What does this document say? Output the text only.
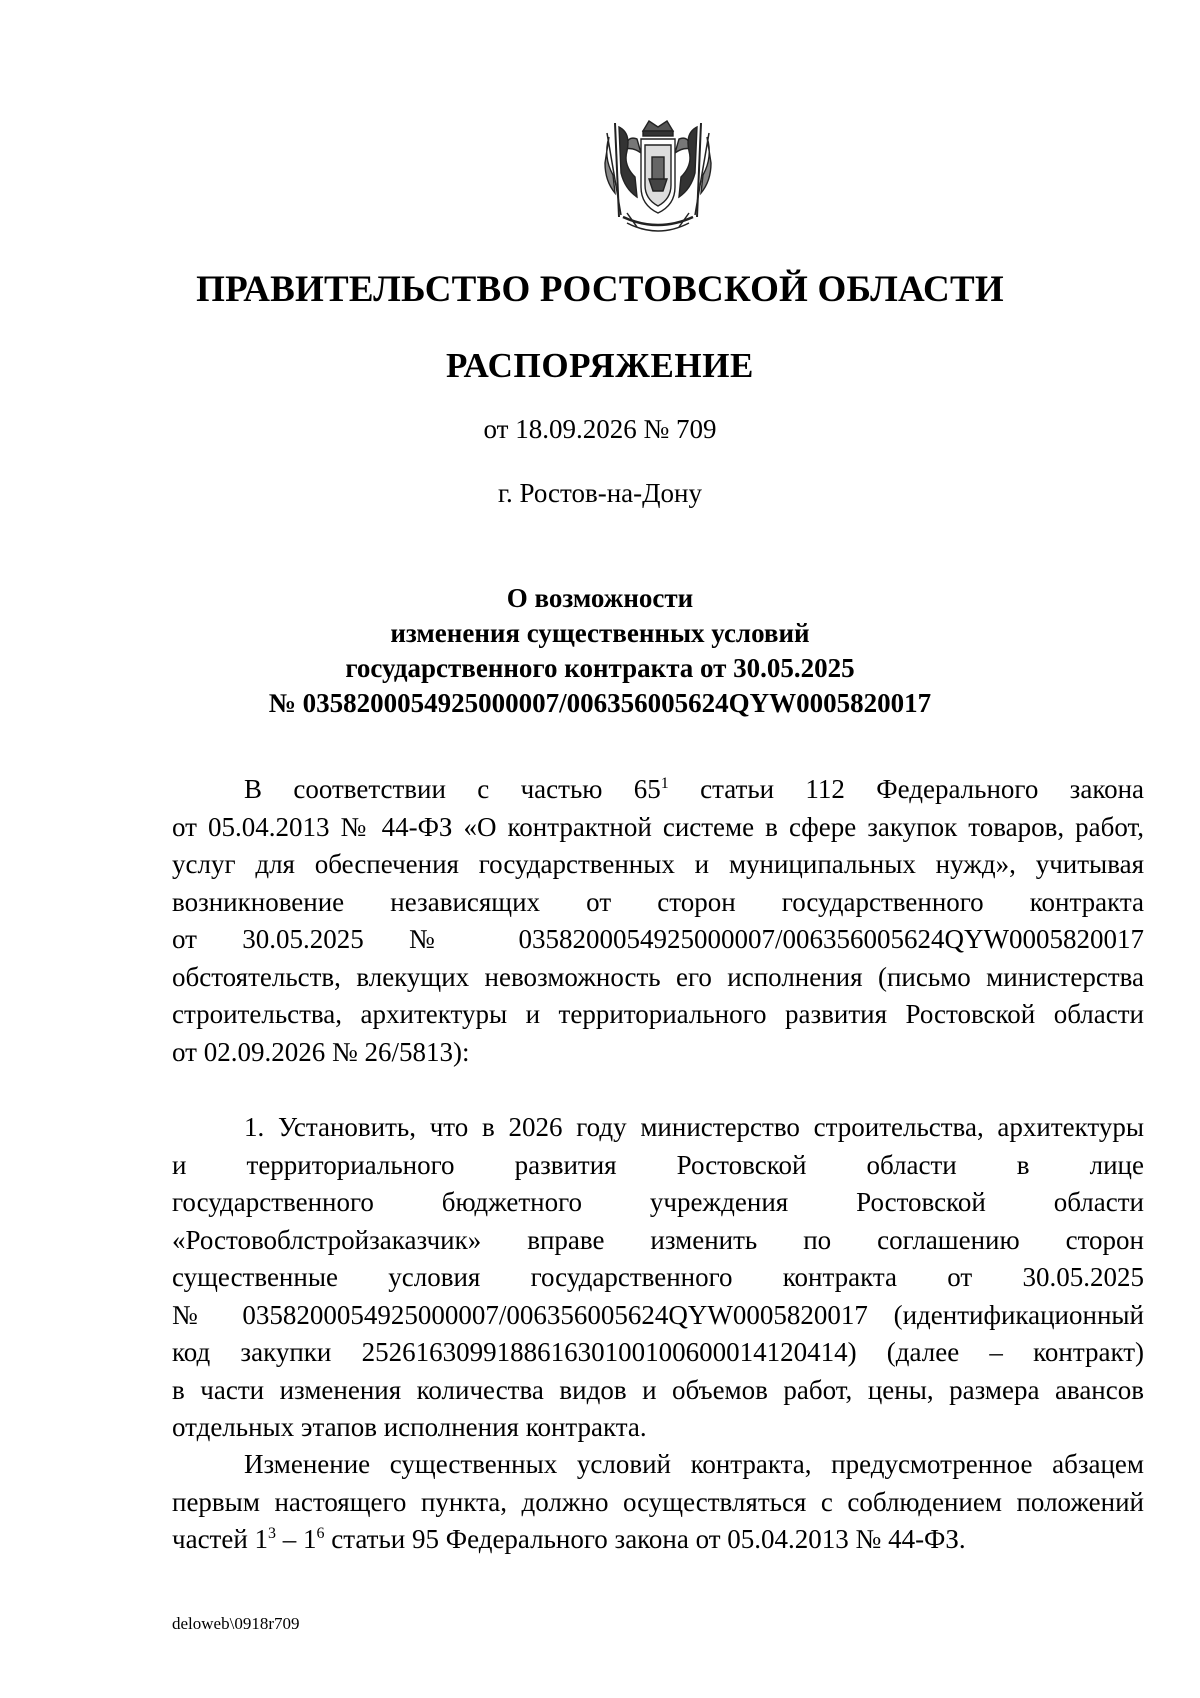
ПРАВИТЕЛЬСТВО РОСТОВСКОЙ ОБЛАСТИ
РАСПОРЯЖЕНИЕ
от 18.09.2026 № 709
г. Ростов-на-Дону
О возможности
изменения существенных условий
государственного контракта от 30.05.2025
№ 0358200054925000007/006356005624QYW0005820017
В соответствии с частью $65^1$ статьи 112 Федерального закона
от 05.04.2013 № 44-ФЗ «О контрактной системе в сфере закупок товаров, работ,
услуг для обеспечения государственных и муниципальных нужд», учитывая
возникновение независящих от сторон государственного контракта
от 30.05.2025 № 0358200054925000007/006356005624QYW0005820017
обстоятельств, влекущих невозможность его исполнения (письмо министерства
строительства, архитектуры и территориального развития Ростовской области
от 02.09.2026 № 26/5813):
1. Установить, что в 2026 году министерство строительства, архитектуры
и территориального развития Ростовской области в лице
государственного бюджетного учреждения Ростовской области
«Ростовоблстройзаказчик» вправе изменить по соглашению сторон
существенные условия государственного контракта от 30.05.2025
№ 0358200054925000007/006356005624QYW0005820017 (идентификационный
код закупки 252616309918861630100100600014120414) (далее – контракт)
в части изменения количества видов и объемов работ, цены, размера авансов
отдельных этапов исполнения контракта.
Изменение существенных условий контракта, предусмотренное абзацем
первым настоящего пункта, должно осуществляться с соблюдением положений
частей $1^3 - 1^6$ статьи 95 Федерального закона от 05.04.2013 № 44-ФЗ.
deloweb\0918r709
